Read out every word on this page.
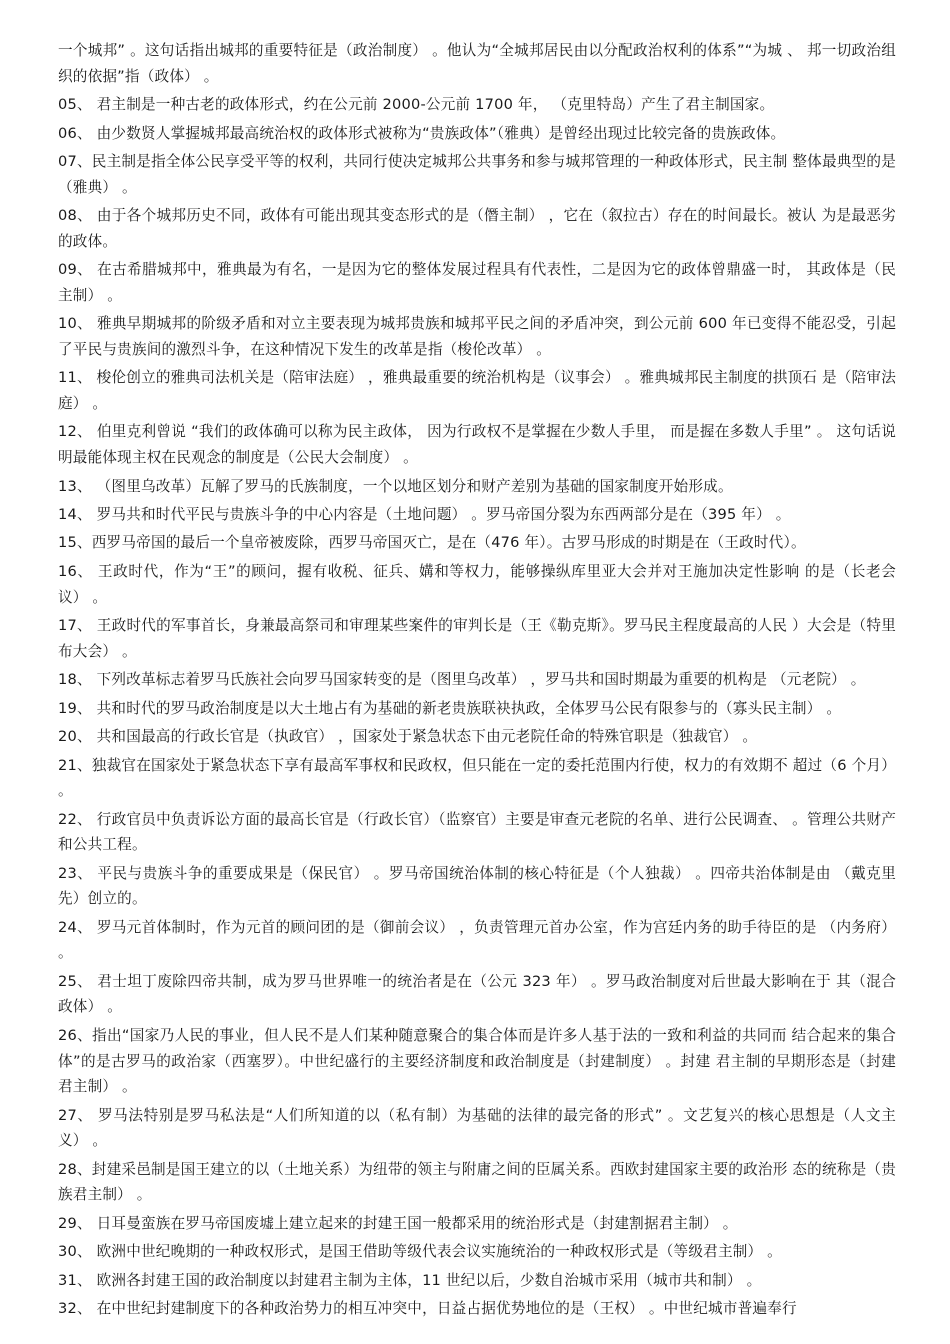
一个城邦” 。这句话指出城邦的重要特征是（政治制度） 。他认为“全城邦居民由以分配政治权利的体系”“为城 、 邦一切政治组织的依据”指（政体） 。

05、 君主制是一种古老的政体形式，约在公元前 2000-公元前 1700 年， （克里特岛）产生了君主制国家。

06、 由少数贤人掌握城邦最高统治权的政体形式被称为“贵族政体”（雅典）是曾经出现过比较完备的贵族政体。

07、民主制是指全体公民享受平等的权利，共同行使决定城邦公共事务和参与城邦管理的一种政体形式，民主制 整体最典型的是（雅典） 。

08、 由于各个城邦历史不同，政体有可能出现其变态形式的是（僭主制） ，它在（叙拉古）存在的时间最长。被认 为是最恶劣的政体。

09、 在古希腊城邦中，雅典最为有名，一是因为它的整体发展过程具有代表性，二是因为它的政体曾鼎盛一时， 其政体是（民主制） 。

10、 雅典早期城邦的阶级矛盾和对立主要表现为城邦贵族和城邦平民之间的矛盾冲突，到公元前 600 年已变得不能忍受，引起了平民与贵族间的激烈斗争，在这种情况下发生的改革是指（梭伦改革） 。

11、 梭伦创立的雅典司法机关是（陪审法庭） ，雅典最重要的统治机构是（议事会） 。雅典城邦民主制度的拱顶石 是（陪审法庭） 。

12、 伯里克利曾说 “我们的政体确可以称为民主政体， 因为行政权不是掌握在少数人手里， 而是握在多数人手里” 。 这句话说明最能体现主权在民观念的制度是（公民大会制度） 。

13、 （图里乌改革）瓦解了罗马的氏族制度，一个以地区划分和财产差别为基础的国家制度开始形成。

14、 罗马共和时代平民与贵族斗争的中心内容是（土地问题） 。罗马帝国分裂为东西两部分是在（395 年） 。

15、西罗马帝国的最后一个皇帝被废除，西罗马帝国灭亡，是在（476 年）。古罗马形成的时期是在（王政时代）。

16、 王政时代，作为“王”的顾问，握有收税、征兵、媾和等权力，能够操纵库里亚大会并对王施加决定性影响 的是（长老会议） 。

17、 王政时代的军事首长，身兼最高祭司和审理某些案件的审判长是（王《勒克斯》。罗马民主程度最高的人民 ）大会是（特里布大会） 。

18、 下列改革标志着罗马氏族社会向罗马国家转变的是（图里乌改革） ，罗马共和国时期最为重要的机构是 （元老院） 。

19、 共和时代的罗马政治制度是以大土地占有为基础的新老贵族联袂执政，全体罗马公民有限参与的（寡头民主制） 。

20、 共和国最高的行政长官是（执政官） ，国家处于紧急状态下由元老院任命的特殊官职是（独裁官） 。

21、独裁官在国家处于紧急状态下享有最高军事权和民政权，但只能在一定的委托范围内行使，权力的有效期不 超过（6 个月） 。

22、 行政官员中负责诉讼方面的最高长官是（行政长官）（监察官）主要是审查元老院的名单、进行公民调查、 。管理公共财产和公共工程。

23、 平民与贵族斗争的重要成果是（保民官） 。罗马帝国统治体制的核心特征是（个人独裁） 。四帝共治体制是由 （戴克里先）创立的。

24、 罗马元首体制时，作为元首的顾问团的是（御前会议） ，负责管理元首办公室，作为宫廷内务的助手待臣的是 （内务府） 。

25、 君士坦丁废除四帝共制，成为罗马世界唯一的统治者是在（公元 323 年） 。罗马政治制度对后世最大影响在于 其（混合政体） 。

26、指出“国家乃人民的事业，但人民不是人们某种随意聚合的集合体而是许多人基于法的一致和利益的共同而 结合起来的集合体”的是古罗马的政治家（西塞罗）。中世纪盛行的主要经济制度和政治制度是（封建制度） 。封建 君主制的早期形态是（封建君主制） 。

27、 罗马法特别是罗马私法是“人们所知道的以（私有制）为基础的法律的最完备的形式” 。文艺复兴的核心思想是（人文主义） 。

28、封建采邑制是国王建立的以（土地关系）为纽带的领主与附庸之间的臣属关系。西欧封建国家主要的政治形 态的统称是（贵族君主制） 。

29、 日耳曼蛮族在罗马帝国废墟上建立起来的封建王国一般都采用的统治形式是（封建割据君主制） 。

30、 欧洲中世纪晚期的一种政权形式，是国王借助等级代表会议实施统治的一种政权形式是（等级君主制） 。

31、 欧洲各封建王国的政治制度以封建君主制为主体，11 世纪以后，少数自治城市采用（城市共和制） 。

32、 在中世纪封建制度下的各种政治势力的相互冲突中，日益占据优势地位的是（王权） 。中世纪城市普遍奉行
